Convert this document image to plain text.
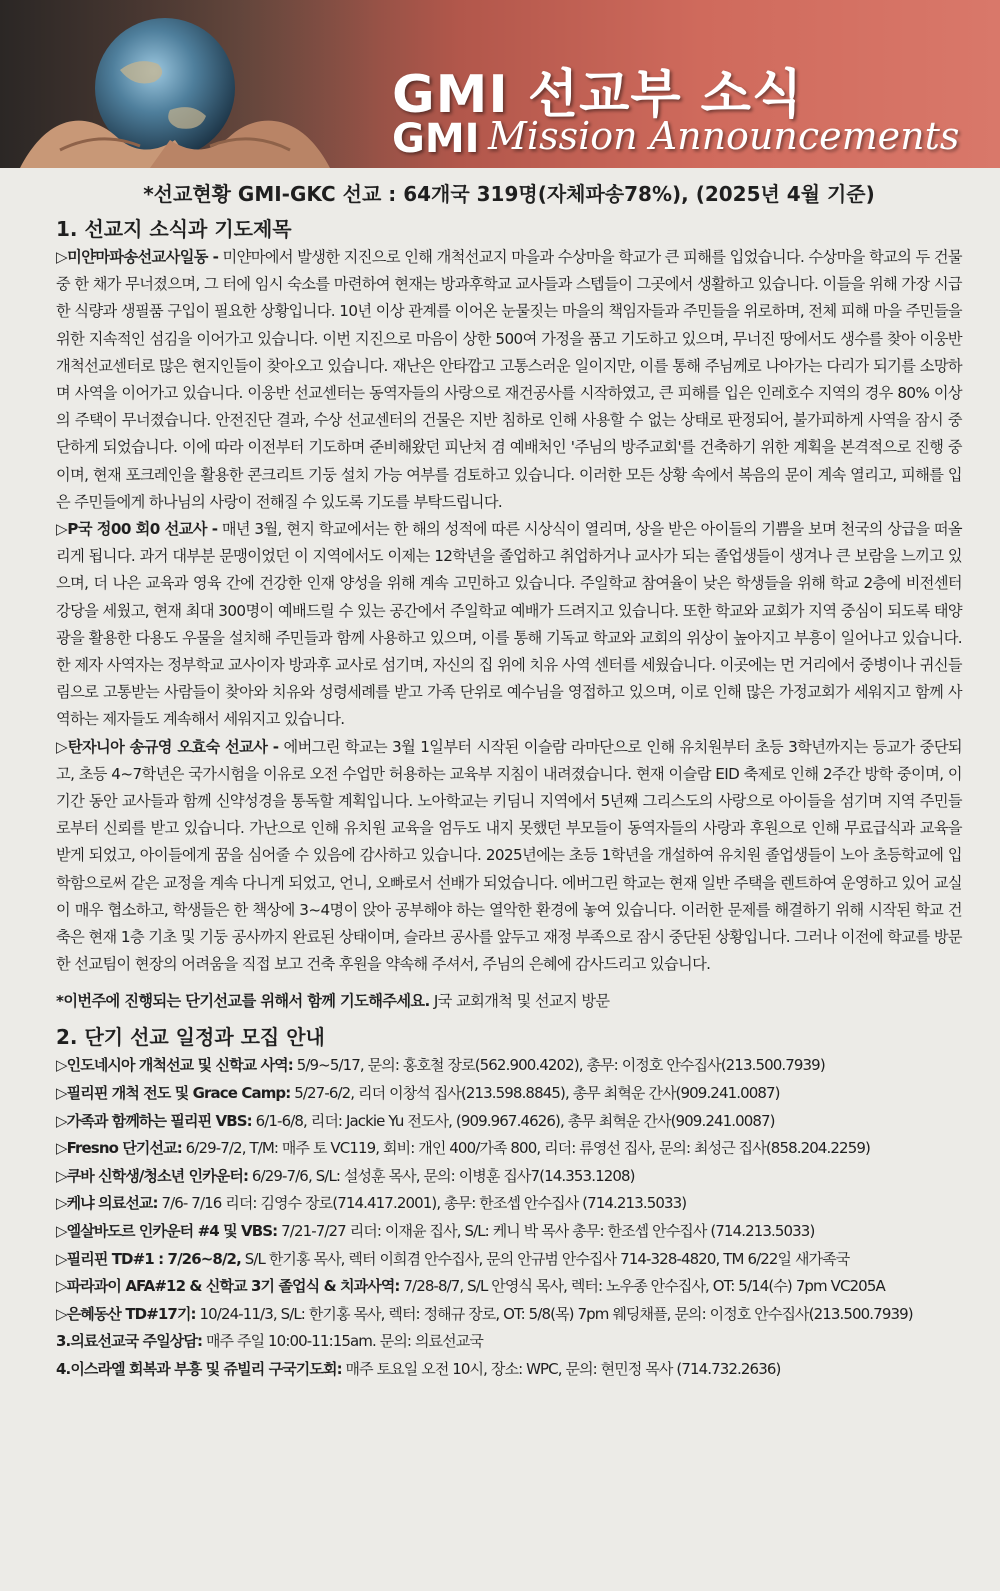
GMI 선교부 소식
GMI Mission Announcements
*선교현황 GMI-GKC 선교 : 64개국 319명(자체파송78%), (2025년 4월 기준)
1. 선교지 소식과 기도제목

▷미얀마파송선교사일동 - 미얀마에서 발생한 지진으로 인해 개척선교지 마을과 수상마을 학교가 큰 피해를 입었습니다. 수상마을 학교의 두 건물 중 한 채가 무너졌으며, 그 터에 임시 숙소를 마련하여 현재는 방과후학교 교사들과 스텝들이 그곳에서 생활하고 있습니다. 이들을 위해 가장 시급한 식량과 생필품 구입이 필요한 상황입니다. 10년 이상 관계를 이어온 눈물짓는 마을의 책임자들과 주민들을 위로하며, 전체 피해 마을 주민들을 위한 지속적인 섬김을 이어가고 있습니다. 이번 지진으로 마음이 상한 500여 가정을 품고 기도하고 있으며, 무너진 땅에서도 생수를 찾아 이웅반 개척선교센터로 많은 현지인들이 찾아오고 있습니다. 재난은 안타깝고 고통스러운 일이지만, 이를 통해 주님께로 나아가는 다리가 되기를 소망하며 사역을 이어가고 있습니다. 이웅반 선교센터는 동역자들의 사랑으로 재건공사를 시작하였고, 큰 피해를 입은 인레호수 지역의 경우 80% 이상의 주택이 무너졌습니다. 안전진단 결과, 수상 선교센터의 건물은 지반 침하로 인해 사용할 수 없는 상태로 판정되어, 불가피하게 사역을 잠시 중단하게 되었습니다. 이에 따라 이전부터 기도하며 준비해왔던 피난처 겸 예배처인 '주님의 방주교회'를 건축하기 위한 계획을 본격적으로 진행 중이며, 현재 포크레인을 활용한 콘크리트 기둥 설치 가능 여부를 검토하고 있습니다. 이러한 모든 상황 속에서 복음의 문이 계속 열리고, 피해를 입은 주민들에게 하나님의 사랑이 전해질 수 있도록 기도를 부탁드립니다.

▷P국 정00 회0 선교사 - 매년 3월, 현지 학교에서는 한 해의 성적에 따른 시상식이 열리며, 상을 받은 아이들의 기쁨을 보며 천국의 상급을 떠올리게 됩니다. 과거 대부분 문맹이었던 이 지역에서도 이제는 12학년을 졸업하고 취업하거나 교사가 되는 졸업생들이 생겨나 큰 보람을 느끼고 있으며, 더 나은 교육과 영육 간에 건강한 인재 양성을 위해 계속 고민하고 있습니다. 주일학교 참여율이 낮은 학생들을 위해 학교 2층에 비전센터 강당을 세웠고, 현재 최대 300명이 예배드릴 수 있는 공간에서 주일학교 예배가 드려지고 있습니다. 또한 학교와 교회가 지역 중심이 되도록 태양광을 활용한 다용도 우물을 설치해 주민들과 함께 사용하고 있으며, 이를 통해 기독교 학교와 교회의 위상이 높아지고 부흥이 일어나고 있습니다. 한 제자 사역자는 정부학교 교사이자 방과후 교사로 섬기며, 자신의 집 위에 치유 사역 센터를 세웠습니다. 이곳에는 먼 거리에서 중병이나 귀신들림으로 고통받는 사람들이 찾아와 치유와 성령세례를 받고 가족 단위로 예수님을 영접하고 있으며, 이로 인해 많은 가정교회가 세워지고 함께 사역하는 제자들도 계속해서 세워지고 있습니다.

▷탄자니아 송규영 오효숙 선교사 - 에버그린 학교는 3월 1일부터 시작된 이슬람 라마단으로 인해 유치원부터 초등 3학년까지는 등교가 중단되고, 초등 4~7학년은 국가시험을 이유로 오전 수업만 허용하는 교육부 지침이 내려졌습니다. 현재 이슬람 EID 축제로 인해 2주간 방학 중이며, 이 기간 동안 교사들과 함께 신약성경을 통독할 계획입니다. 노아학교는 키딤니 지역에서 5년째 그리스도의 사랑으로 아이들을 섬기며 지역 주민들로부터 신뢰를 받고 있습니다. 가난으로 인해 유치원 교육을 엄두도 내지 못했던 부모들이 동역자들의 사랑과 후원으로 인해 무료급식과 교육을 받게 되었고, 아이들에게 꿈을 심어줄 수 있음에 감사하고 있습니다. 2025년에는 초등 1학년을 개설하여 유치원 졸업생들이 노아 초등학교에 입학함으로써 같은 교정을 계속 다니게 되었고, 언니, 오빠로서 선배가 되었습니다. 에버그린 학교는 현재 일반 주택을 렌트하여 운영하고 있어 교실이 매우 협소하고, 학생들은 한 책상에 3~4명이 앉아 공부해야 하는 열악한 환경에 놓여 있습니다. 이러한 문제를 해결하기 위해 시작된 학교 건축은 현재 1층 기초 및 기둥 공사까지 완료된 상태이며, 슬라브 공사를 앞두고 재정 부족으로 잠시 중단된 상황입니다. 그러나 이전에 학교를 방문한 선교팀이 현장의 어려움을 직접 보고 건축 후원을 약속해 주셔서, 주님의 은혜에 감사드리고 있습니다.

*이번주에 진행되는 단기선교를 위해서 함께 기도해주세요. J국 교회개척 및 선교지 방문

2. 단기 선교 일정과 모집 안내
▷인도네시아 개척선교 및 신학교 사역: 5/9~5/17, 문의: 홍호철 장로(562.900.4202), 총무: 이정호 안수집사(213.500.7939)
▷필리핀 개척 전도 및 Grace Camp: 5/27-6/2, 리더 이창석 집사(213.598.8845), 총무 최혁운 간사(909.241.0087)
▷가족과 함께하는 필리핀 VBS: 6/1-6/8, 리더: Jackie Yu 전도사, (909.967.4626), 총무 최혁운 간사(909.241.0087)
▷Fresno 단기선교: 6/29-7/2, T/M: 매주 토 VC119, 회비: 개인 400/가족 800, 리더: 류영선 집사, 문의: 최성근 집사(858.204.2259)
▷쿠바 신학생/청소년 인카운터: 6/29-7/6, S/L: 설성훈 목사, 문의: 이병훈 집사7(14.353.1208)
▷케냐 의료선교: 7/6- 7/16 리더: 김영수 장로(714.417.2001), 총무: 한조셉 안수집사 (714.213.5033)
▷엘살바도르 인카운터 #4 및 VBS: 7/21-7/27 리더: 이재윤 집사, S/L: 케니 박 목사 총무: 한조셉 안수집사 (714.213.5033)
▷필리핀 TD#1 : 7/26~8/2, S/L 한기홍 목사, 렉터 이희겸 안수집사, 문의 안규범 안수집사 714-328-4820, TM 6/22일 새가족국
▷파라과이 AFA#12 & 신학교 3기 졸업식 & 치과사역: 7/28-8/7, S/L 안영식 목사, 렉터: 노우종 안수집사, OT: 5/14(수) 7pm VC205A
▷은혜동산 TD#17기: 10/24-11/3, S/L: 한기홍 목사, 렉터: 정해규 장로, OT: 5/8(목) 7pm 웨딩채플, 문의: 이정호 안수집사(213.500.7939)
3.의료선교국 주일상담: 매주 주일 10:00-11:15am. 문의: 의료선교국
4.이스라엘 회복과 부흥 및 쥬빌리 구국기도회: 매주 토요일 오전 10시, 장소: WPC, 문의: 현민정 목사 (714.732.2636)
